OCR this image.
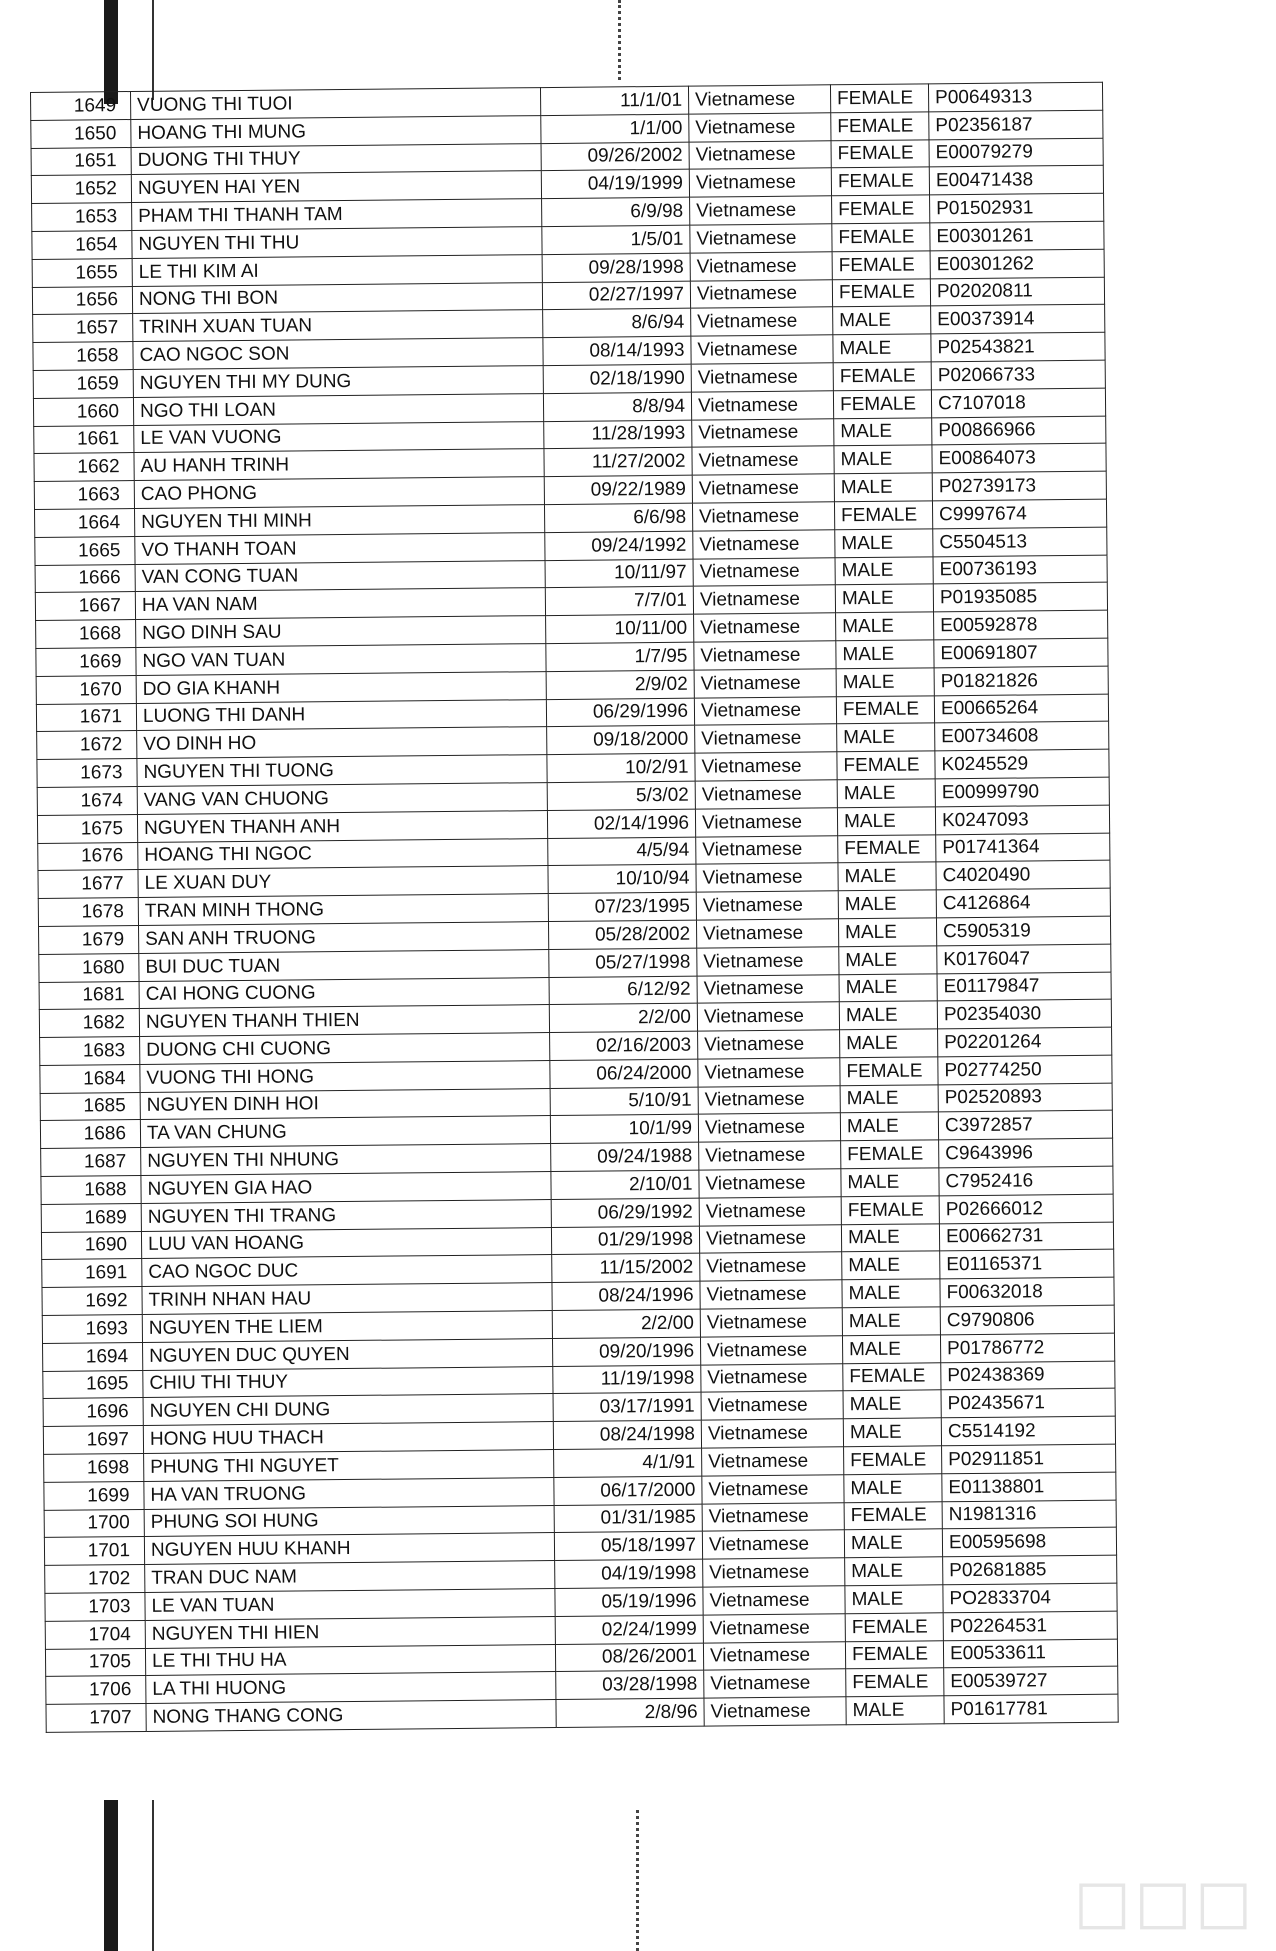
1649	VUONG THI TUOI	11/1/01	Vietnamese	FEMALE	P00649313
1650	HOANG THI MUNG	1/1/00	Vietnamese	FEMALE	P02356187
1651	DUONG THI THUY	09/26/2002	Vietnamese	FEMALE	E00079279
1652	NGUYEN HAI YEN	04/19/1999	Vietnamese	FEMALE	E00471438
1653	PHAM THI THANH TAM	6/9/98	Vietnamese	FEMALE	P01502931
1654	NGUYEN THI THU	1/5/01	Vietnamese	FEMALE	E00301261
1655	LE THI KIM AI	09/28/1998	Vietnamese	FEMALE	E00301262
1656	NONG THI BON	02/27/1997	Vietnamese	FEMALE	P02020811
1657	TRINH XUAN TUAN	8/6/94	Vietnamese	MALE	E00373914
1658	CAO NGOC SON	08/14/1993	Vietnamese	MALE	P02543821
1659	NGUYEN THI MY DUNG	02/18/1990	Vietnamese	FEMALE	P02066733
1660	NGO THI LOAN	8/8/94	Vietnamese	FEMALE	C7107018
1661	LE VAN VUONG	11/28/1993	Vietnamese	MALE	P00866966
1662	AU HANH TRINH	11/27/2002	Vietnamese	MALE	E00864073
1663	CAO PHONG	09/22/1989	Vietnamese	MALE	P02739173
1664	NGUYEN THI MINH	6/6/98	Vietnamese	FEMALE	C9997674
1665	VO THANH TOAN	09/24/1992	Vietnamese	MALE	C5504513
1666	VAN CONG TUAN	10/11/97	Vietnamese	MALE	E00736193
1667	HA VAN NAM	7/7/01	Vietnamese	MALE	P01935085
1668	NGO DINH SAU	10/11/00	Vietnamese	MALE	E00592878
1669	NGO VAN TUAN	1/7/95	Vietnamese	MALE	E00691807
1670	DO GIA KHANH	2/9/02	Vietnamese	MALE	P01821826
1671	LUONG THI DANH	06/29/1996	Vietnamese	FEMALE	E00665264
1672	VO DINH HO	09/18/2000	Vietnamese	MALE	E00734608
1673	NGUYEN THI TUONG	10/2/91	Vietnamese	FEMALE	K0245529
1674	VANG VAN CHUONG	5/3/02	Vietnamese	MALE	E00999790
1675	NGUYEN THANH ANH	02/14/1996	Vietnamese	MALE	K0247093
1676	HOANG THI NGOC	4/5/94	Vietnamese	FEMALE	P01741364
1677	LE XUAN DUY	10/10/94	Vietnamese	MALE	C4020490
1678	TRAN MINH THONG	07/23/1995	Vietnamese	MALE	C4126864
1679	SAN ANH TRUONG	05/28/2002	Vietnamese	MALE	C5905319
1680	BUI DUC TUAN	05/27/1998	Vietnamese	MALE	K0176047
1681	CAI HONG CUONG	6/12/92	Vietnamese	MALE	E01179847
1682	NGUYEN THANH THIEN	2/2/00	Vietnamese	MALE	P02354030
1683	DUONG CHI CUONG	02/16/2003	Vietnamese	MALE	P02201264
1684	VUONG THI HONG	06/24/2000	Vietnamese	FEMALE	P02774250
1685	NGUYEN DINH HOI	5/10/91	Vietnamese	MALE	P02520893
1686	TA VAN CHUNG	10/1/99	Vietnamese	MALE	C3972857
1687	NGUYEN THI NHUNG	09/24/1988	Vietnamese	FEMALE	C9643996
1688	NGUYEN GIA HAO	2/10/01	Vietnamese	MALE	C7952416
1689	NGUYEN THI TRANG	06/29/1992	Vietnamese	FEMALE	P02666012
1690	LUU VAN HOANG	01/29/1998	Vietnamese	MALE	E00662731
1691	CAO NGOC DUC	11/15/2002	Vietnamese	MALE	E01165371
1692	TRINH NHAN HAU	08/24/1996	Vietnamese	MALE	F00632018
1693	NGUYEN THE LIEM	2/2/00	Vietnamese	MALE	C9790806
1694	NGUYEN DUC QUYEN	09/20/1996	Vietnamese	MALE	P01786772
1695	CHIU THI THUY	11/19/1998	Vietnamese	FEMALE	P02438369
1696	NGUYEN CHI DUNG	03/17/1991	Vietnamese	MALE	P02435671
1697	HONG HUU THACH	08/24/1998	Vietnamese	MALE	C5514192
1698	PHUNG THI NGUYET	4/1/91	Vietnamese	FEMALE	P02911851
1699	HA VAN TRUONG	06/17/2000	Vietnamese	MALE	E01138801
1700	PHUNG SOI HUNG	01/31/1985	Vietnamese	FEMALE	N1981316
1701	NGUYEN HUU KHANH	05/18/1997	Vietnamese	MALE	E00595698
1702	TRAN DUC NAM	04/19/1998	Vietnamese	MALE	P02681885
1703	LE VAN TUAN	05/19/1996	Vietnamese	MALE	PO2833704
1704	NGUYEN THI HIEN	02/24/1999	Vietnamese	FEMALE	P02264531
1705	LE THI THU HA	08/26/2001	Vietnamese	FEMALE	E00533611
1706	LA THI HUONG	03/28/1998	Vietnamese	FEMALE	E00539727
1707	NONG THANG CONG	2/8/96	Vietnamese	MALE	P01617781
□□□
